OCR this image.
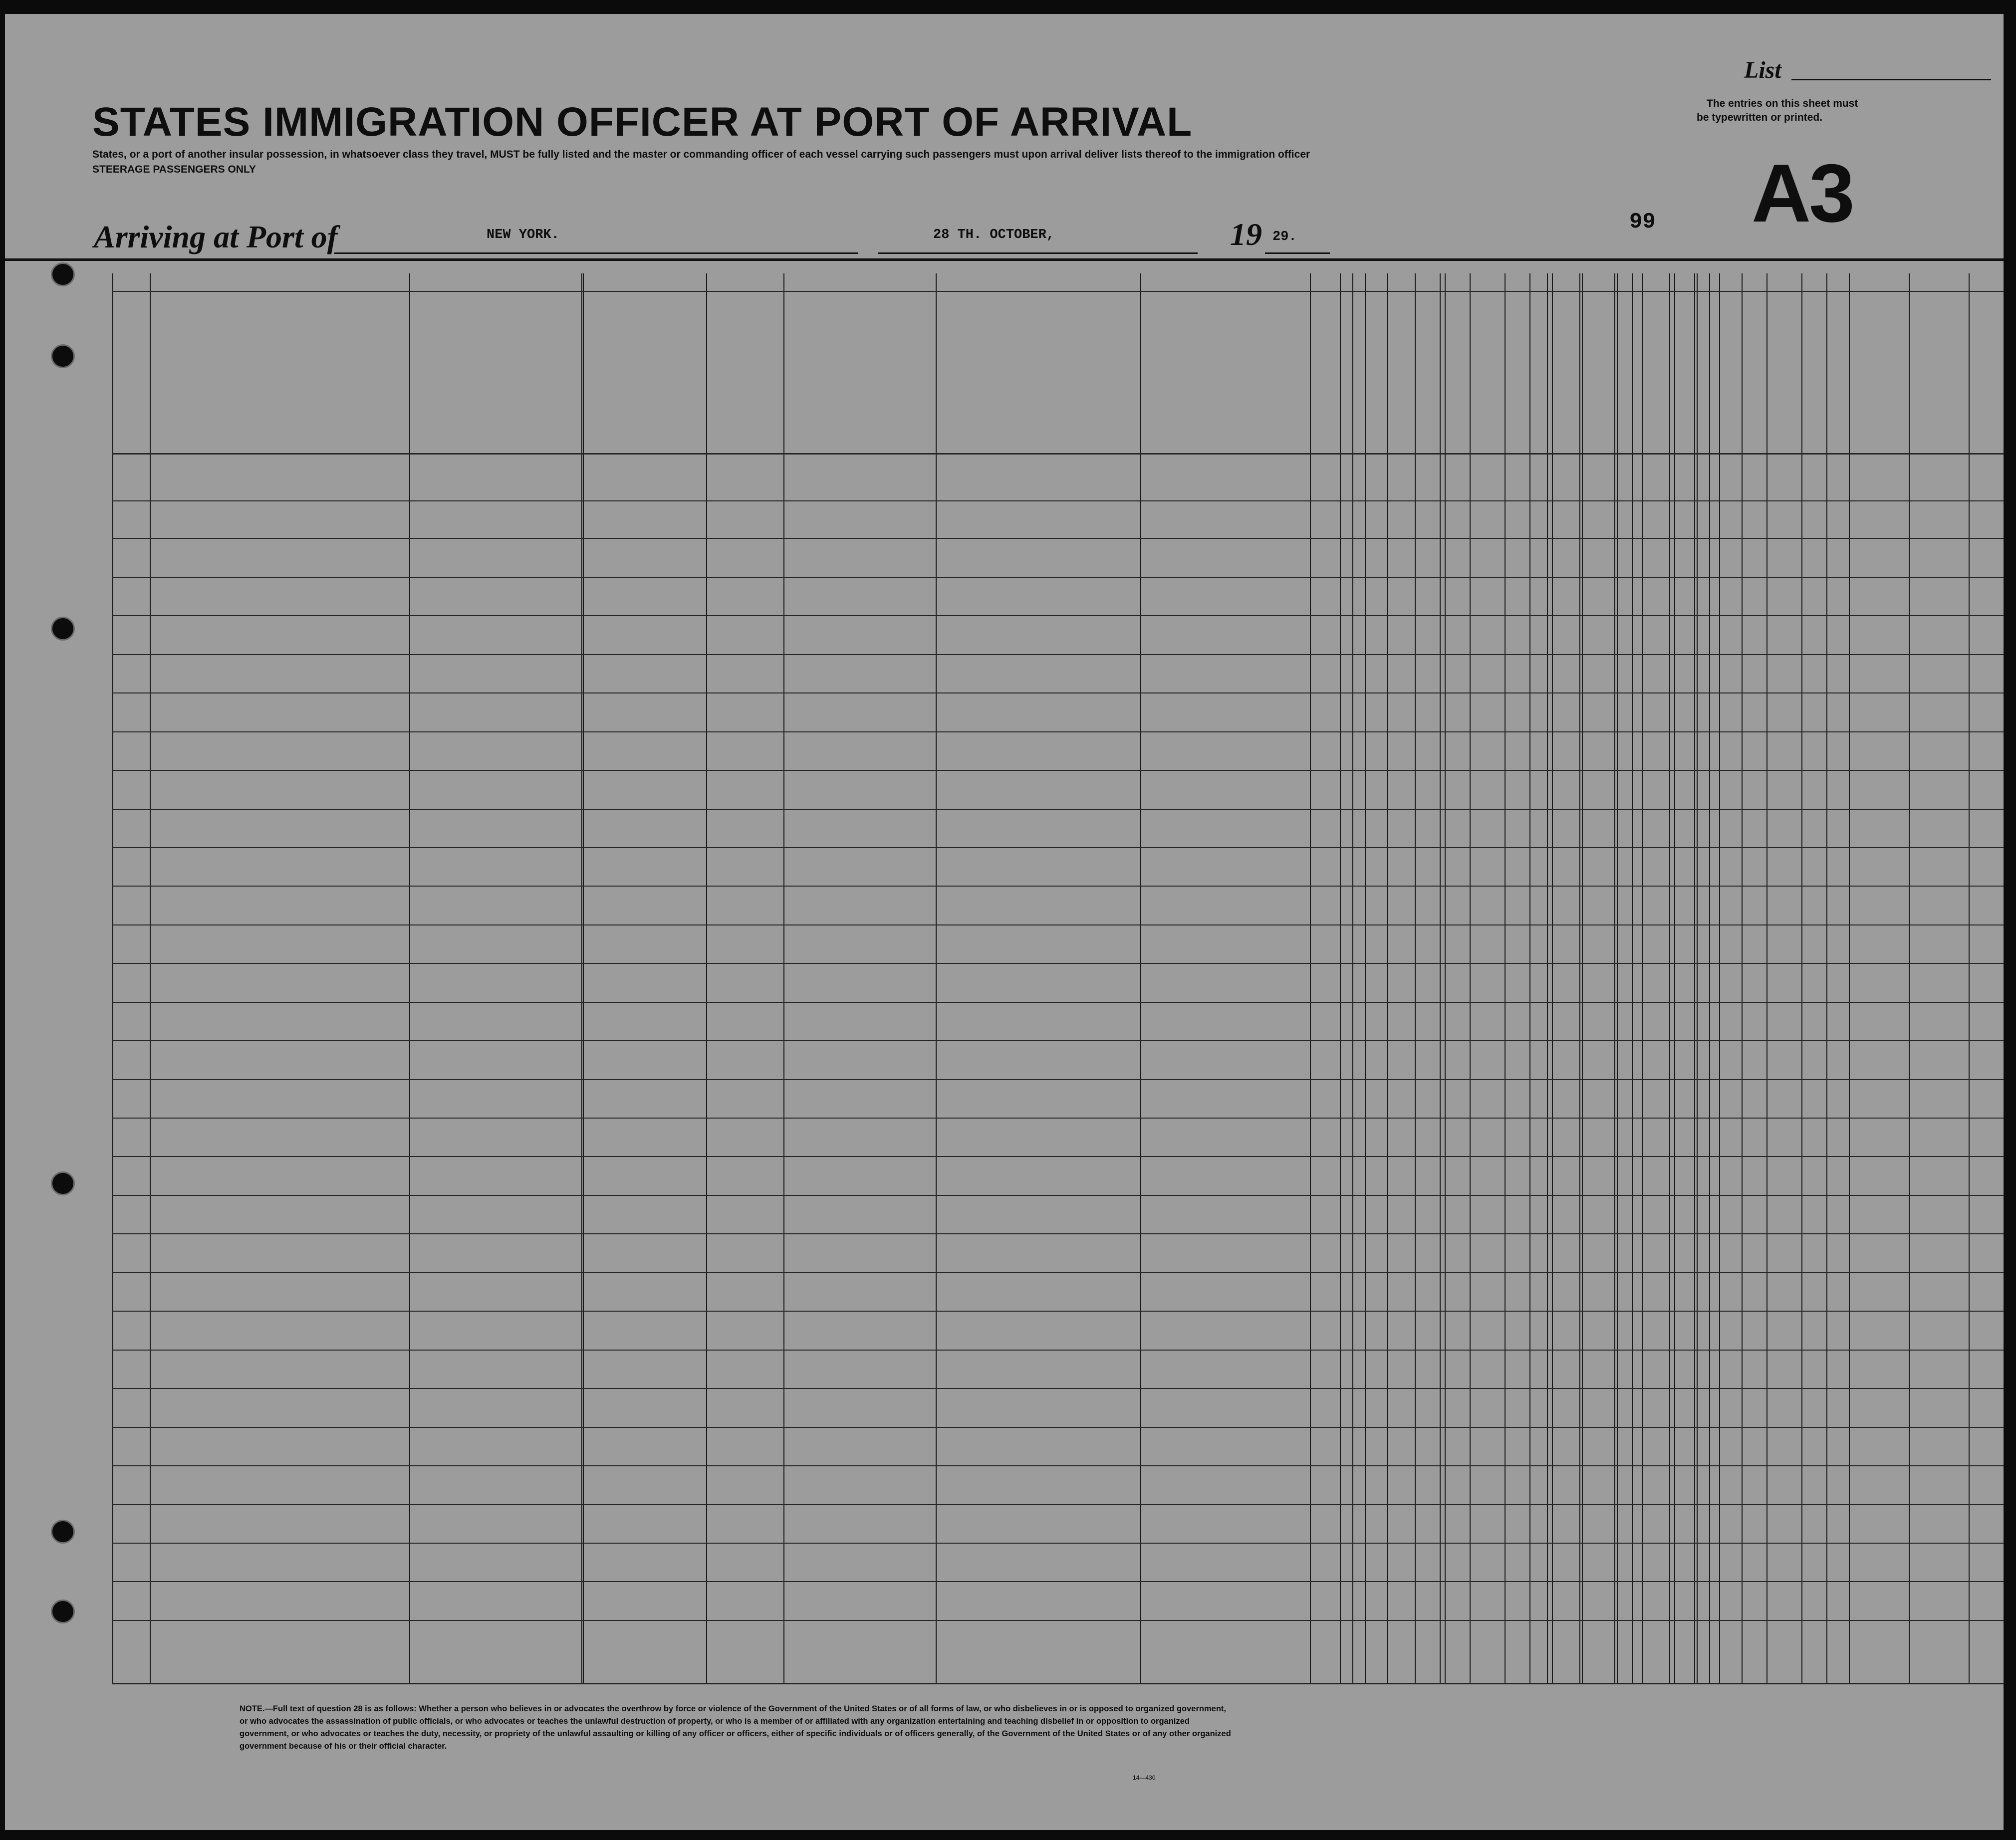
List
The entries on this sheet must
be typewritten or printed.
A3
STATES IMMIGRATION OFFICER AT PORT OF ARRIVAL
States, or a port of another insular possession, in whatsoever class they travel, MUST be fully listed and the master or commanding officer of each vessel carrying such passengers must upon arrival deliver lists thereof to the immigration officer
STEERAGE PASSENGERS ONLY
Arriving at Port of	NEW YORK.	28 TH. OCTOBER,	19 29.
99
NOTE.—Full text of question 28 is as follows: Whether a person who believes in or advocates the overthrow by force or violence of the Government of the United States or of all forms of law, or who disbelieves in or is opposed to organized government, or who advocates the assassination of public officials, or who advocates or teaches the unlawful destruction of property, or who is a member of or affiliated with any organization entertaining and teaching disbelief in or opposition to organized government, or who advocates or teaches the duty, necessity, or propriety of the unlawful assaulting or killing of any officer or officers, either of specific individuals or of officers generally, of the Government of the United States or of any other organized government because of his or their official character.
14—430
